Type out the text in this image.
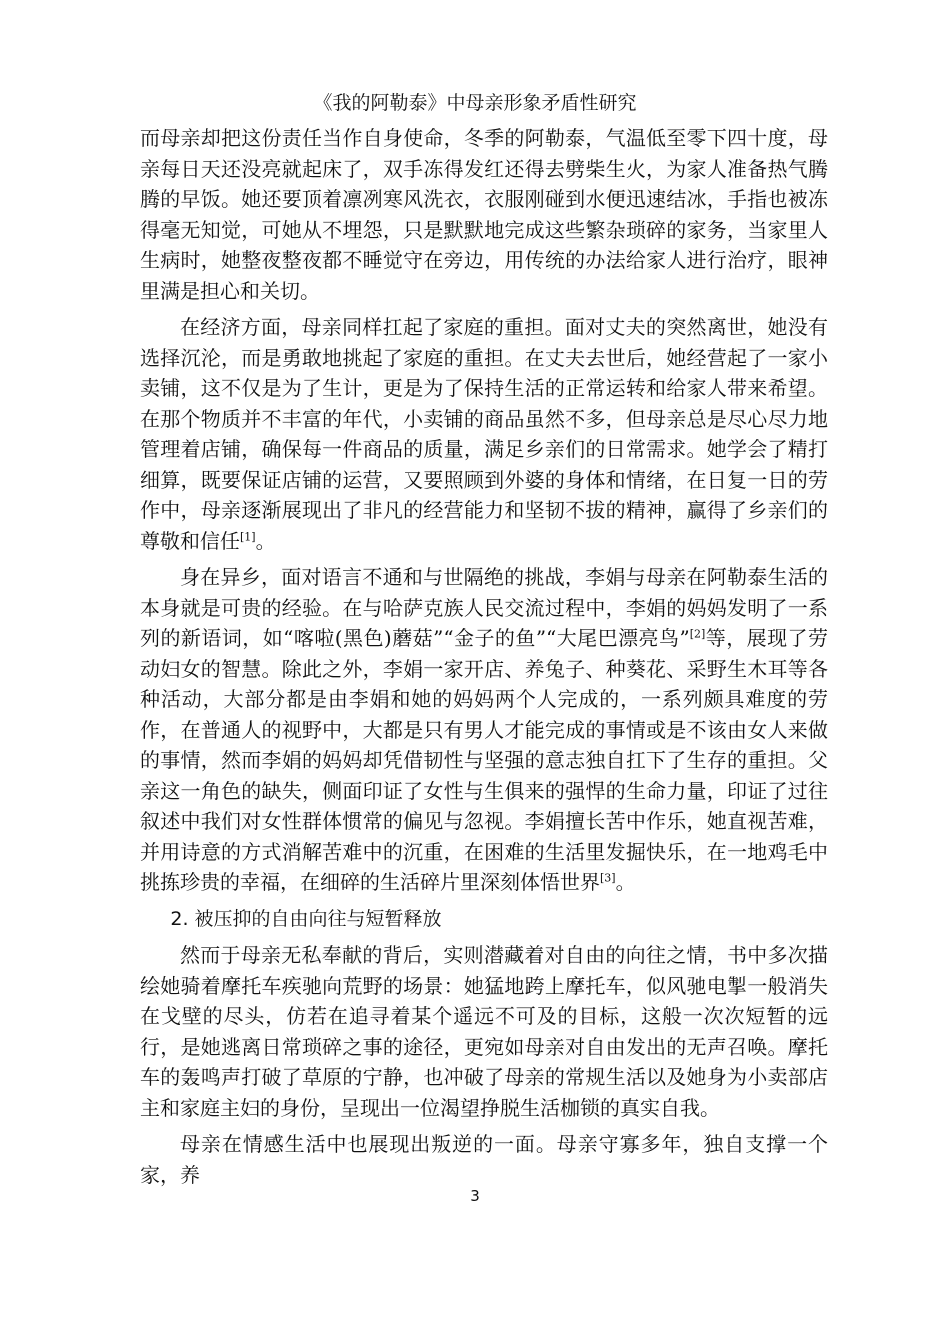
《我的阿勒泰》中母亲形象矛盾性研究

而母亲却把这份责任当作自身使命，冬季的阿勒泰，气温低至零下四十度，母亲每日天还没亮就起床了，双手冻得发红还得去劈柴生火，为家人准备热气腾腾的早饭。她还要顶着凛冽寒风洗衣，衣服刚碰到水便迅速结冰，手指也被冻得毫无知觉，可她从不埋怨，只是默默地完成这些繁杂琐碎的家务，当家里人生病时，她整夜整夜都不睡觉守在旁边，用传统的办法给家人进行治疗，眼神里满是担心和关切。

在经济方面，母亲同样扛起了家庭的重担。面对丈夫的突然离世，她没有选择沉沦，而是勇敢地挑起了家庭的重担。在丈夫去世后，她经营起了一家小卖铺，这不仅是为了生计，更是为了保持生活的正常运转和给家人带来希望。在那个物质并不丰富的年代，小卖铺的商品虽然不多，但母亲总是尽心尽力地管理着店铺，确保每一件商品的质量，满足乡亲们的日常需求。她学会了精打细算，既要保证店铺的运营，又要照顾到外婆的身体和情绪，在日复一日的劳作中，母亲逐渐展现出了非凡的经营能力和坚韧不拔的精神，赢得了乡亲们的尊敬和信任[1]。

身在异乡，面对语言不通和与世隔绝的挑战，李娟与母亲在阿勒泰生活的本身就是可贵的经验。在与哈萨克族人民交流过程中，李娟的妈妈发明了一系列的新语词，如“喀啦(黑色)蘑菇”“金子的鱼”“大尾巴漂亮鸟”[2]等，展现了劳动妇女的智慧。除此之外，李娟一家开店、养兔子、种葵花、采野生木耳等各种活动，大部分都是由李娟和她的妈妈两个人完成的，一系列颇具难度的劳作，在普通人的视野中，大都是只有男人才能完成的事情或是不该由女人来做的事情，然而李娟的妈妈却凭借韧性与坚强的意志独自扛下了生存的重担。父亲这一角色的缺失，侧面印证了女性与生俱来的强悍的生命力量，印证了过往叙述中我们对女性群体惯常的偏见与忽视。李娟擅长苦中作乐，她直视苦难，并用诗意的方式消解苦难中的沉重，在困难的生活里发掘快乐，在一地鸡毛中挑拣珍贵的幸福，在细碎的生活碎片里深刻体悟世界[3]。

2. 被压抑的自由向往与短暂释放

然而于母亲无私奉献的背后，实则潜藏着对自由的向往之情，书中多次描绘她骑着摩托车疾驰向荒野的场景：她猛地跨上摩托车，似风驰电掣一般消失在戈壁的尽头，仿若在追寻着某个遥远不可及的目标，这般一次次短暂的远行，是她逃离日常琐碎之事的途径，更宛如母亲对自由发出的无声召唤。摩托车的轰鸣声打破了草原的宁静，也冲破了母亲的常规生活以及她身为小卖部店主和家庭主妇的身份，呈现出一位渴望挣脱生活枷锁的真实自我。

母亲在情感生活中也展现出叛逆的一面。母亲守寡多年，独自支撑一个家，养

3
